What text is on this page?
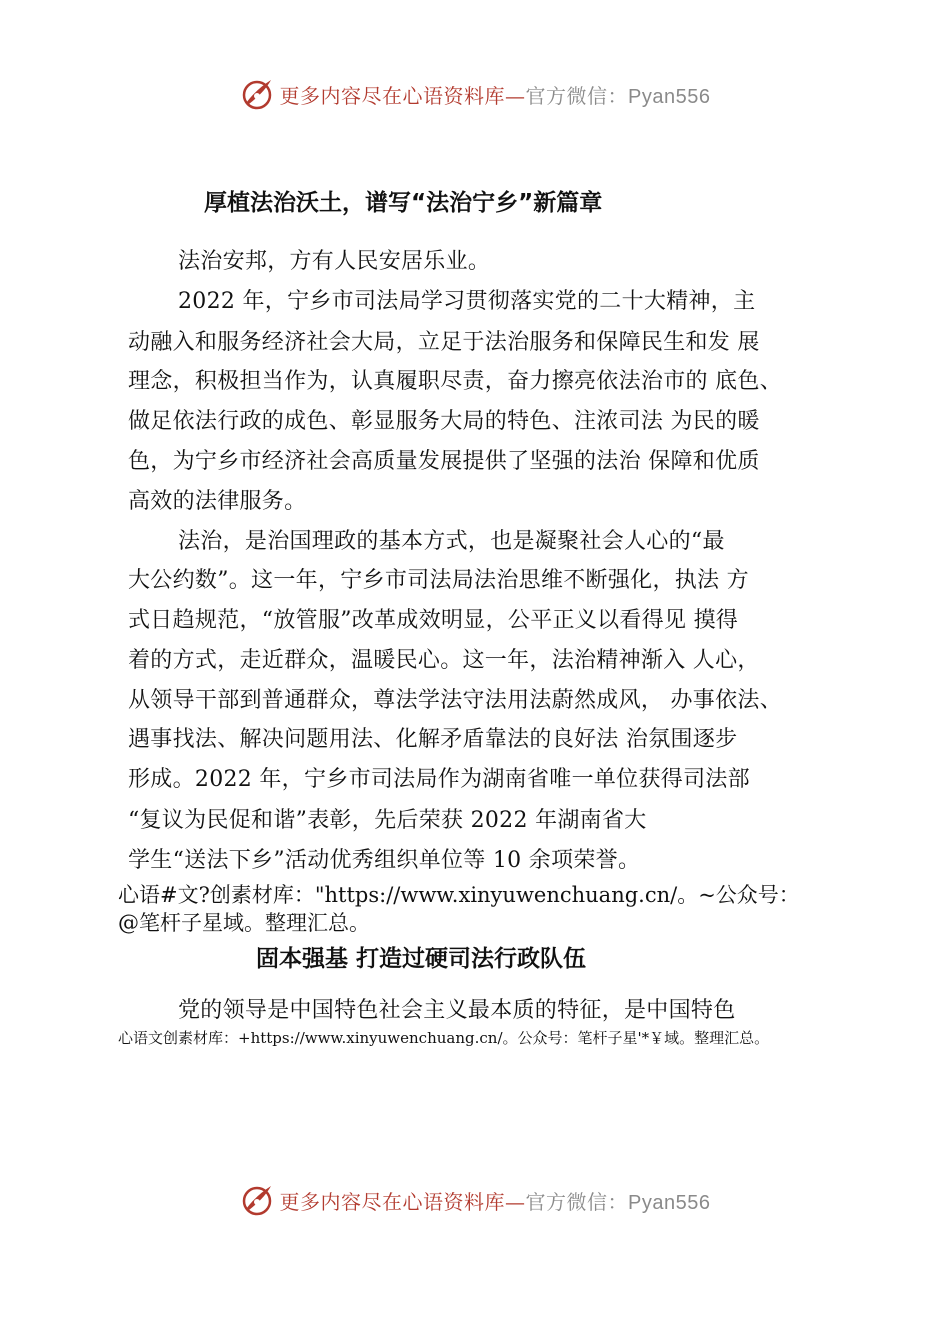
更多内容尽在心语资料库—官方微信：Pyan556
厚植法治沃土，谱写“法治宁乡”新篇章
法治安邦，方有人民安居乐业。
2022 年，宁乡市司法局学习贯彻落实党的二十大精神，主
动融入和服务经济社会大局，立足于法治服务和保障民生和发 展
理念，积极担当作为，认真履职尽责，奋力擦亮依法治市的 底色、
做足依法行政的成色、彰显服务大局的特色、注浓司法 为民的暖
色，为宁乡市经济社会高质量发展提供了坚强的法治 保障和优质
高效的法律服务。
法治，是治国理政的基本方式，也是凝聚社会人心的“最
大公约数”。这一年，宁乡市司法局法治思维不断强化，执法 方
式日趋规范，“放管服”改革成效明显，公平正义以看得见 摸得
着的方式，走近群众，温暖民心。这一年，法治精神渐入 人心，
从领导干部到普通群众，尊法学法守法用法蔚然成风， 办事依法、
遇事找法、解决问题用法、化解矛盾靠法的良好法 治氛围逐步
形成。2022 年，宁乡市司法局作为湖南省唯一单位获得司法部
“复议为民促和谐”表彰，先后荣获 2022 年湖南省大
学生“送法下乡”活动优秀组织单位等 10 余项荣誉。
心语#文?创素材库："https://www.xinyuwenchuang.cn/。~公众号：
@笔杆子星域。整理汇总。
固本强基 打造过硬司法行政队伍
党的领导是中国特色社会主义最本质的特征，是中国特色
心语文创素材库：+https://www.xinyuwenchuang.cn/。公众号：笔杆子星'*￥域。整理汇总。
更多内容尽在心语资料库—官方微信：Pyan556
